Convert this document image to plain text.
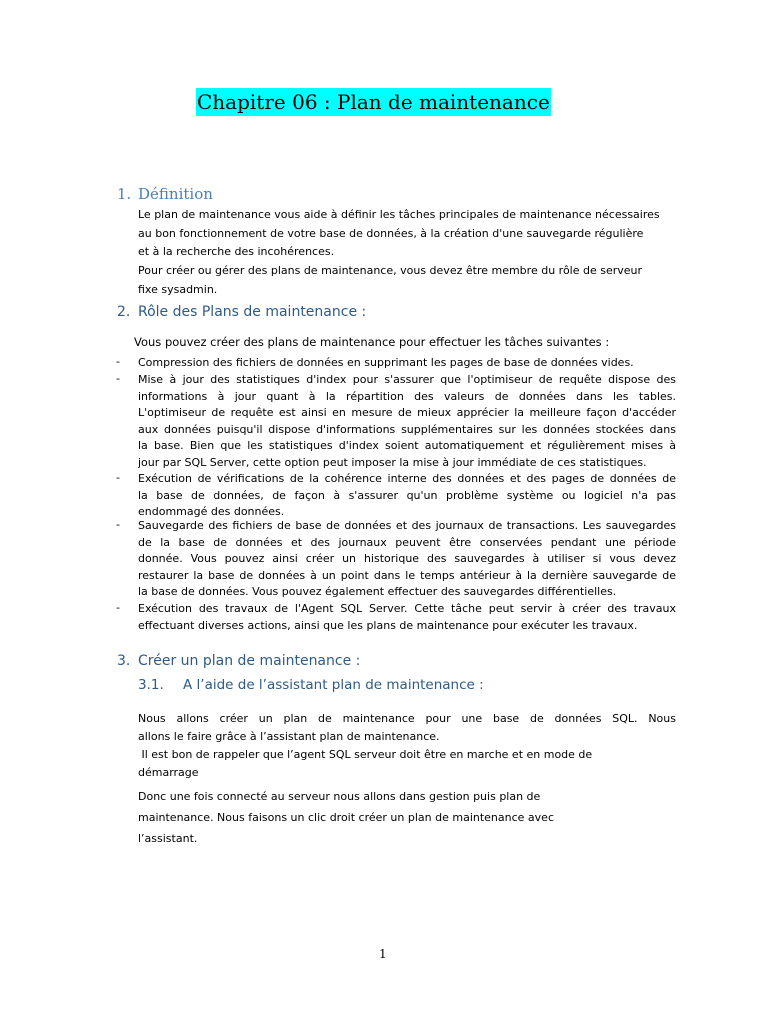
Chapitre 06 : Plan de maintenance
1. Définition
Le plan de maintenance vous aide à définir les tâches principales de maintenance nécessaires
au bon fonctionnement de votre base de données, à la création d'une sauvegarde régulière
et à la recherche des incohérences.
Pour créer ou gérer des plans de maintenance, vous devez être membre du rôle de serveur
fixe sysadmin.
2. Rôle des Plans de maintenance :
Vous pouvez créer des plans de maintenance pour effectuer les tâches suivantes :
- Compression des fichiers de données en supprimant les pages de base de données vides.
- Mise à jour des statistiques d'index pour s'assurer que l'optimiseur de requête dispose des
informations à jour quant à la répartition des valeurs de données dans les tables.
L'optimiseur de requête est ainsi en mesure de mieux apprécier la meilleure façon d'accéder
aux données puisqu'il dispose d'informations supplémentaires sur les données stockées dans
la base. Bien que les statistiques d'index soient automatiquement et régulièrement mises à
jour par SQL Server, cette option peut imposer la mise à jour immédiate de ces statistiques.
- Exécution de vérifications de la cohérence interne des données et des pages de données de
la base de données, de façon à s'assurer qu'un problème système ou logiciel n'a pas
endommagé des données.
- Sauvegarde des fichiers de base de données et des journaux de transactions. Les sauvegardes
de la base de données et des journaux peuvent être conservées pendant une période
donnée. Vous pouvez ainsi créer un historique des sauvegardes à utiliser si vous devez
restaurer la base de données à un point dans le temps antérieur à la dernière sauvegarde de
la base de données. Vous pouvez également effectuer des sauvegardes différentielles.
- Exécution des travaux de l'Agent SQL Server. Cette tâche peut servir à créer des travaux
effectuant diverses actions, ainsi que les plans de maintenance pour exécuter les travaux.
3. Créer un plan de maintenance :
3.1. A l’aide de l’assistant plan de maintenance :
Nous allons créer un plan de maintenance pour une base de données SQL. Nous
allons le faire grâce à l’assistant plan de maintenance.
Il est bon de rappeler que l’agent SQL serveur doit être en marche et en mode de
démarrage
Donc une fois connecté au serveur nous allons dans gestion puis plan de
maintenance. Nous faisons un clic droit créer un plan de maintenance avec
l’assistant.
1
